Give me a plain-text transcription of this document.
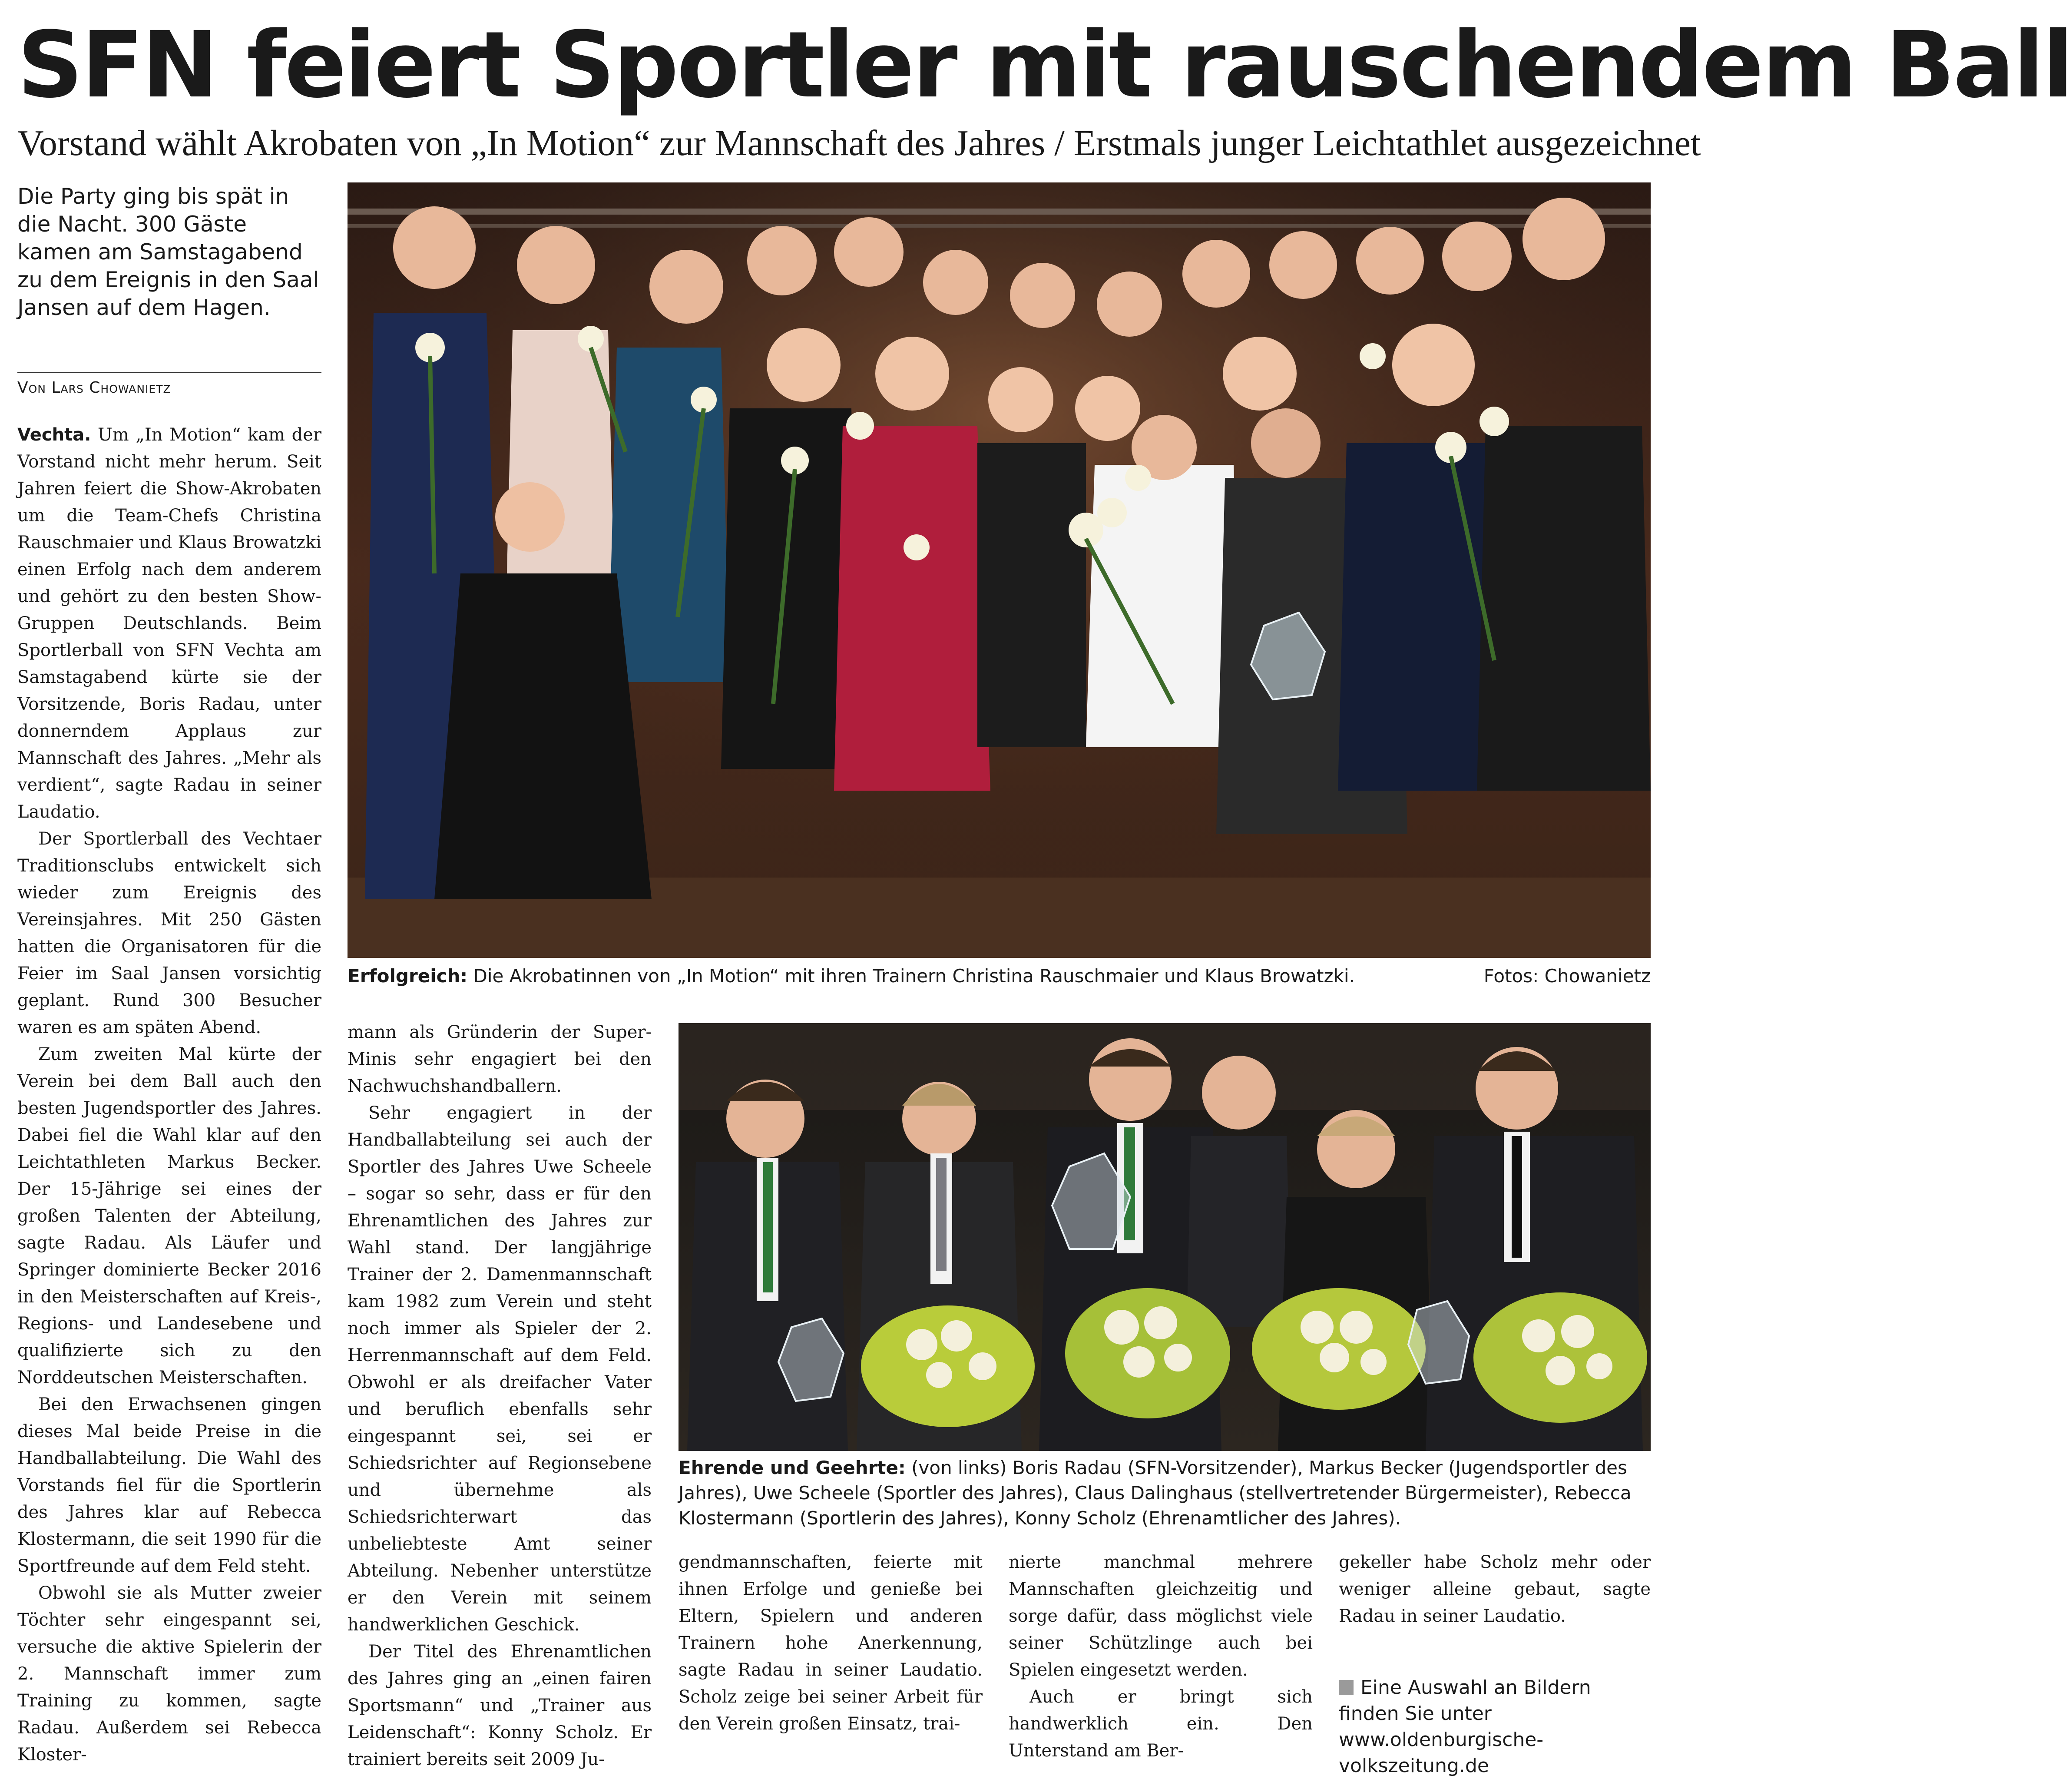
SFN feiert Sportler mit rauschendem Ball
Vorstand wählt Akrobaten von „In Motion“ zur Mannschaft des Jahres / Erstmals junger Leichtathlet ausgezeichnet
Die Party ging bis spät in die Nacht. 300 Gäste kamen am Samstagabend zu dem Ereignis in den Saal Jansen auf dem Hagen.
Von Lars Chowanietz

Vechta. Um „In Motion“ kam der Vorstand nicht mehr herum. Seit Jahren feiert die Show-Akrobaten um die Team-Chefs Christina Rauschmaier und Klaus Browatzki einen Erfolg nach dem anderem und gehört zu den besten Show-Gruppen Deutschlands. Beim Sportlerball von SFN Vechta am Samstagabend kürte sie der Vorsitzende, Boris Radau, unter donnerndem Applaus zur Mannschaft des Jahres. „Mehr als verdient“, sagte Radau in seiner Laudatio.

Der Sportlerball des Vechtaer Traditionsclubs entwickelt sich wieder zum Ereignis des Vereinsjahres. Mit 250 Gästen hatten die Organisatoren für die Feier im Saal Jansen vorsichtig geplant. Rund 300 Besucher waren es am späten Abend.

Zum zweiten Mal kürte der Verein bei dem Ball auch den besten Jugendsportler des Jahres. Dabei fiel die Wahl klar auf den Leichtathleten Markus Becker. Der 15-Jährige sei eines der großen Talenten der Abteilung, sagte Radau. Als Läufer und Springer dominierte Becker 2016 in den Meisterschaften auf Kreis-, Regions- und Landesebene und qualifizierte sich zu den Norddeutschen Meisterschaften.

Bei den Erwachsenen gingen dieses Mal beide Preise in die Handballabteilung. Die Wahl des Vorstands fiel für die Sportlerin des Jahres klar auf Rebecca Klostermann, die seit 1990 für die Sportfreunde auf dem Feld steht.

Obwohl sie als Mutter zweier Töchter sehr eingespannt sei, versuche die aktive Spielerin der 2. Mannschaft immer zum Training zu kommen, sagte Radau. Außerdem sei Rebecca Kloster-

Erfolgreich: Die Akrobatinnen von „In Motion“ mit ihren Trainern Christina Rauschmaier und Klaus Browatzki.	Fotos: Chowanietz

mann als Gründerin der Super-Minis sehr engagiert bei den Nachwuchshandballern.

Sehr engagiert in der Handballabteilung sei auch der Sportler des Jahres Uwe Scheele – sogar so sehr, dass er für den Ehrenamtlichen des Jahres zur Wahl stand. Der langjährige Trainer der 2. Damenmannschaft kam 1982 zum Verein und steht noch immer als Spieler der 2. Herrenmannschaft auf dem Feld. Obwohl er als dreifacher Vater und beruflich ebenfalls sehr eingespannt sei, sei er Schiedsrichter auf Regionsebene und übernehme als Schiedsrichterwart das unbeliebteste Amt seiner Abteilung. Nebenher unterstütze er den Verein mit seinem handwerklichen Geschick.

Der Titel des Ehrenamtlichen des Jahres ging an „einen fairen Sportsmann“ und „Trainer aus Leidenschaft“: Konny Scholz. Er trainiert bereits seit 2009 Ju-

Ehrende und Geehrte: (von links) Boris Radau (SFN-Vorsitzender), Markus Becker (Jugendsportler des Jahres), Uwe Scheele (Sportler des Jahres), Claus Dalinghaus (stellvertretender Bürgermeister), Rebecca Klostermann (Sportlerin des Jahres), Konny Scholz (Ehrenamtlicher des Jahres).

gendmannschaften, feierte mit ihnen Erfolge und genieße bei Eltern, Spielern und anderen Trainern hohe Anerkennung, sagte Radau in seiner Laudatio. Scholz zeige bei seiner Arbeit für den Verein großen Einsatz, trai-

nierte manchmal mehrere Mannschaften gleichzeitig und sorge dafür, dass möglichst viele seiner Schützlinge auch bei Spielen eingesetzt werden.

Auch er bringt sich handwerklich ein. Den Unterstand am Ber-

gekeller habe Scholz mehr oder weniger alleine gebaut, sagte Radau in seiner Laudatio.

Eine Auswahl an Bildern finden Sie unter www.oldenburgische-volkszeitung.de
